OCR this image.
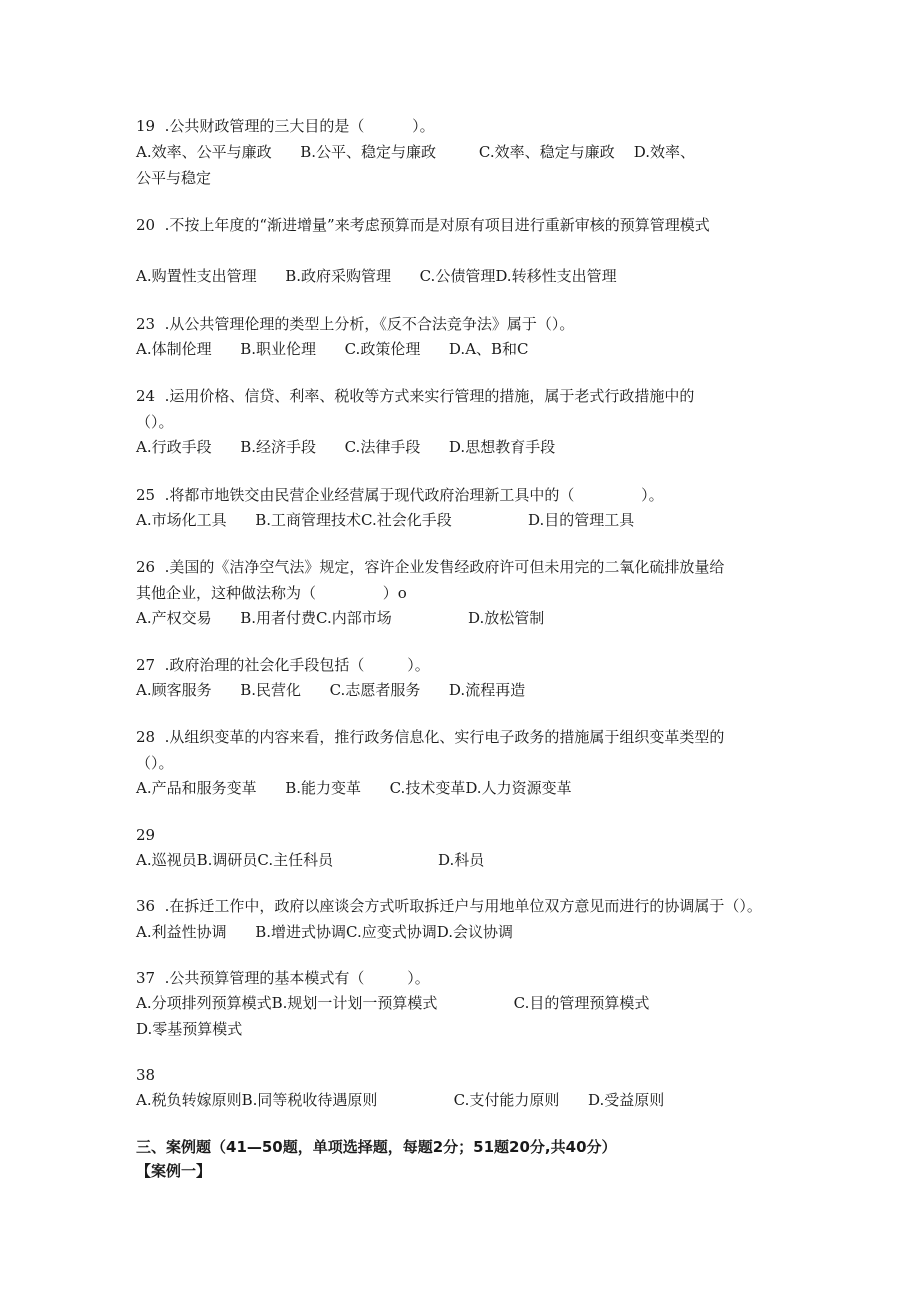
19  .公共财政管理的三大目的是（          ）。
A.效率、公平与廉政      B.公平、稳定与廉政         C.效率、稳定与廉政    D.效率、
公平与稳定
20  .不按上年度的“渐进增量”来考虑预算而是对原有项目进行重新审核的预算管理模式
A.购置性支出管理      B.政府采购管理      C.公债管理D.转移性支出管理
23  .从公共管理伦理的类型上分析，《反不合法竞争法》属于（）。
A.体制伦理      B.职业伦理      C.政策伦理      D.A、B和C
24  .运用价格、信贷、利率、税收等方式来实行管理的措施，属于老式行政措施中的
（）。
A.行政手段      B.经济手段      C.法律手段      D.思想教育手段
25  .将都市地铁交由民营企业经营属于现代政府治理新工具中的（              ）。
A.市场化工具      B.工商管理技术C.社会化手段                D.目的管理工具
26  .美国的《洁净空气法》规定，容许企业发售经政府许可但未用完的二氧化硫排放量给
其他企业，这种做法称为（              ）o
A.产权交易      B.用者付费C.内部市场                D.放松管制
27  .政府治理的社会化手段包括（         ）。
A.顾客服务      B.民营化      C.志愿者服务      D.流程再造
28  .从组织变革的内容来看，推行政务信息化、实行电子政务的措施属于组织变革类型的
（）。
A.产品和服务变革      B.能力变革      C.技术变革D.人力资源变革
29
A.巡视员B.调研员C.主任科员                      D.科员
36  .在拆迁工作中，政府以座谈会方式听取拆迁户与用地单位双方意见而进行的协调属于（）。
A.利益性协调      B.增进式协调C.应变式协调D.会议协调
37  .公共预算管理的基本模式有（         ）。
A.分项排列预算模式B.规划一计划一预算模式                C.目的管理预算模式
D.零基预算模式
38
A.税负转嫁原则B.同等税收待遇原则                C.支付能力原则      D.受益原则
三、案例题（41—50题，单项选择题，每题2分；51题20分,共40分）
【案例一】
